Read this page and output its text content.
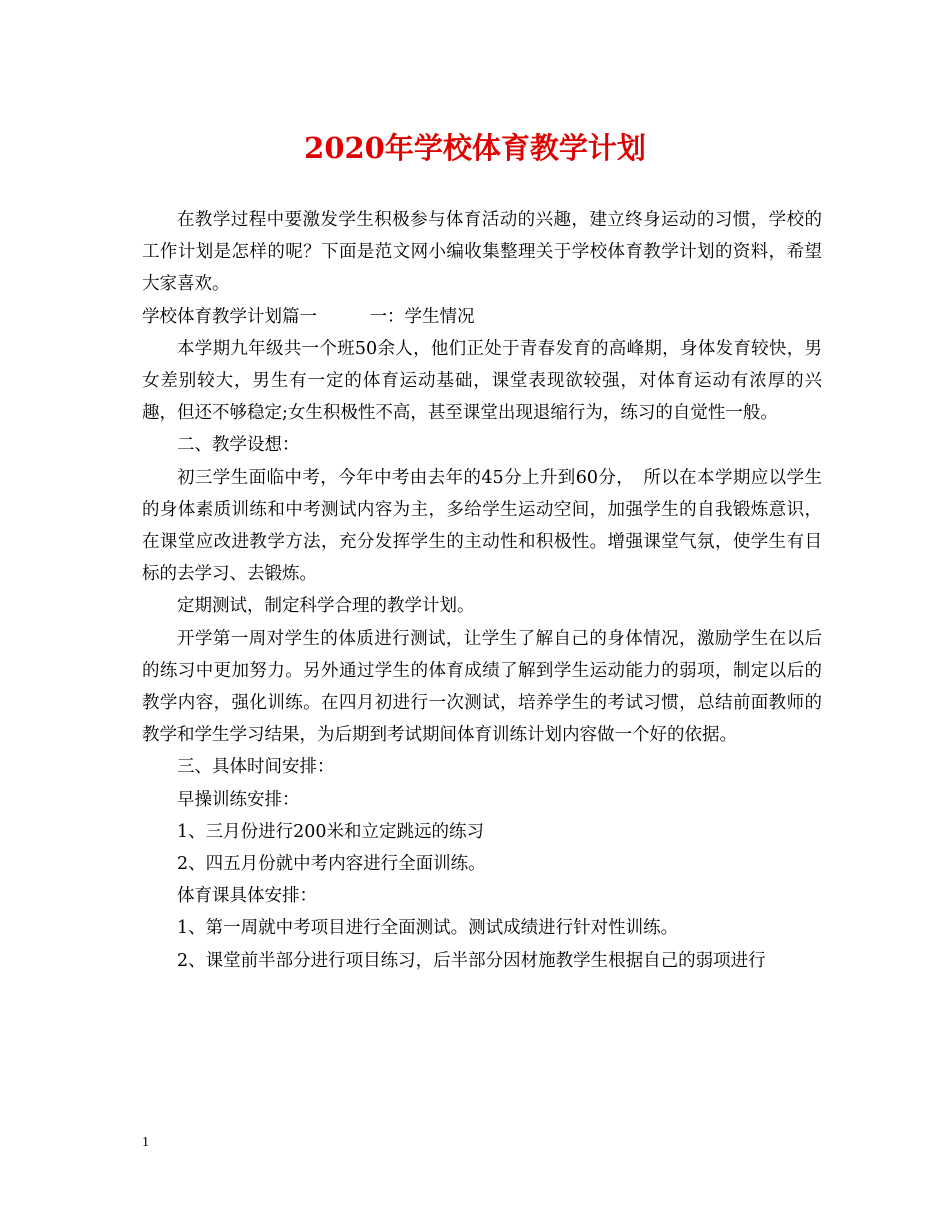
2020年学校体育教学计划

在教学过程中要激发学生积极参与体育活动的兴趣，建立终身运动的习惯，学校的工作计划是怎样的呢？下面是范文网小编收集整理关于学校体育教学计划的资料，希望大家喜欢。

学校体育教学计划篇一　　　一：学生情况

本学期九年级共一个班50余人，他们正处于青春发育的高峰期，身体发育较快，男女差别较大，男生有一定的体育运动基础，课堂表现欲较强，对体育运动有浓厚的兴趣，但还不够稳定;女生积极性不高，甚至课堂出现退缩行为，练习的自觉性一般。

二、教学设想：

初三学生面临中考，今年中考由去年的45分上升到60分，　所以在本学期应以学生的身体素质训练和中考测试内容为主，多给学生运动空间，加强学生的自我锻炼意识，在课堂应改进教学方法，充分发挥学生的主动性和积极性。增强课堂气氛，使学生有目标的去学习、去锻炼。

定期测试，制定科学合理的教学计划。

开学第一周对学生的体质进行测试，让学生了解自己的身体情况，激励学生在以后的练习中更加努力。另外通过学生的体育成绩了解到学生运动能力的弱项，制定以后的教学内容，强化训练。在四月初进行一次测试，培养学生的考试习惯，总结前面教师的教学和学生学习结果，为后期到考试期间体育训练计划内容做一个好的依据。

三、具体时间安排：

早操训练安排：

1、三月份进行200米和立定跳远的练习

2、四五月份就中考内容进行全面训练。

体育课具体安排：

1、第一周就中考项目进行全面测试。测试成绩进行针对性训练。

2、课堂前半部分进行项目练习，后半部分因材施教学生根据自己的弱项进行

1
